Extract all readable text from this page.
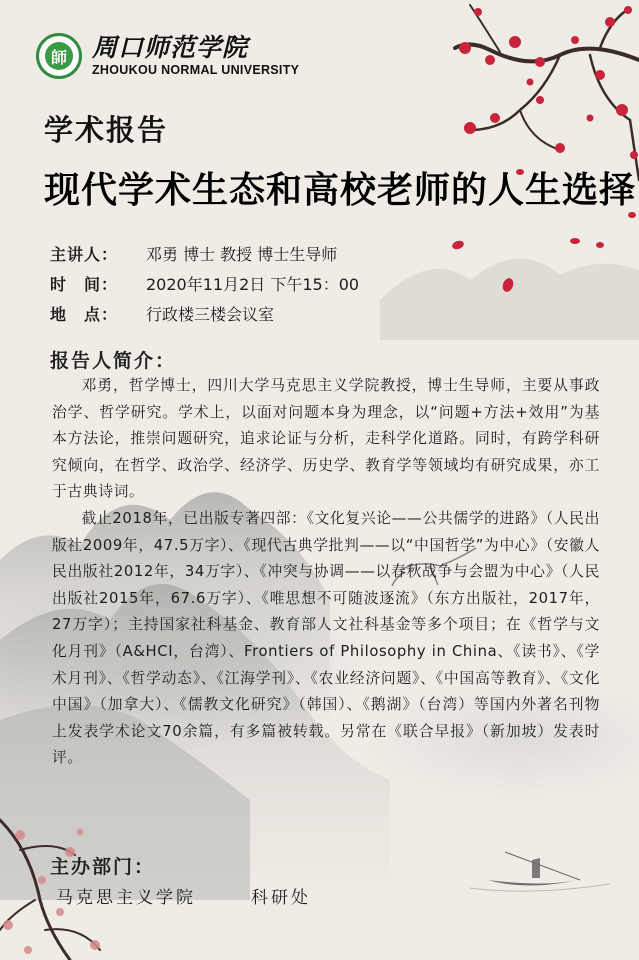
師 周口师范学院
ZHOUKOU NORMAL UNIVERSITY
学术报告
现代学术生态和高校老师的人生选择
主讲人：	邓勇 博士 教授 博士生导师
时　间：	2020年11月2日 下午15：00
地　点：	行政楼三楼会议室
报告人简介：

邓勇，哲学博士，四川大学马克思主义学院教授，博士生导师，主要从事政治学、哲学研究。学术上，以面对问题本身为理念，以“问题+方法+效用”为基本方法论，推崇问题研究，追求论证与分析，走科学化道路。同时，有跨学科研究倾向，在哲学、政治学、经济学、历史学、教育学等领域均有研究成果，亦工于古典诗词。

截止2018年，已出版专著四部：《文化复兴论——公共儒学的进路》（人民出版社2009年，47.5万字）、《现代古典学批判——以“中国哲学”为中心》（安徽人民出版社2012年，34万字）、《冲突与协调——以春秋战争与会盟为中心》（人民出版社2015年，67.6万字）、《唯思想不可随波逐流》（东方出版社，2017年，27万字）；主持国家社科基金、教育部人文社科基金等多个项目；在《哲学与文化月刊》（A&HCI，台湾）、Frontiers of Philosophy in China、《读书》、《学术月刊》、《哲学动态》、《江海学刊》、《农业经济问题》、《中国高等教育》、《文化中国》（加拿大）、《儒教文化研究》（韩国）、《鹅湖》（台湾）等国内外著名刊物上发表学术论文70余篇，有多篇被转载。另常在《联合早报》（新加坡）发表时评。

主办部门：
马克思主义学院	科研处
